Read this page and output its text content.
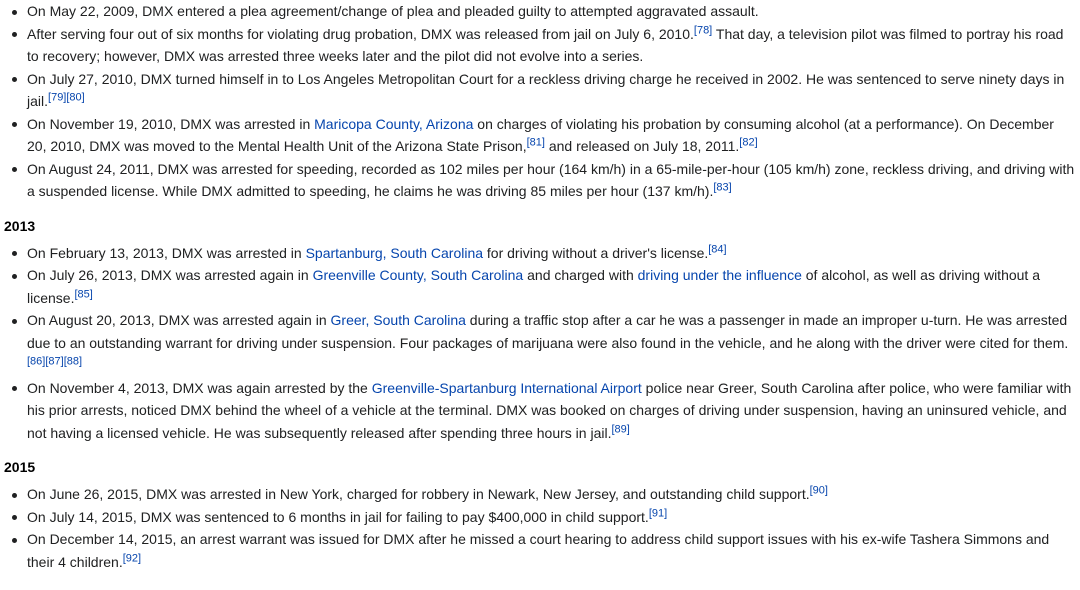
On May 22, 2009, DMX entered a plea agreement/change of plea and pleaded guilty to attempted aggravated assault.
After serving four out of six months for violating drug probation, DMX was released from jail on July 6, 2010.[78] That day, a television pilot was filmed to portray his road to recovery; however, DMX was arrested three weeks later and the pilot did not evolve into a series.
On July 27, 2010, DMX turned himself in to Los Angeles Metropolitan Court for a reckless driving charge he received in 2002. He was sentenced to serve ninety days in jail.[79][80]
On November 19, 2010, DMX was arrested in Maricopa County, Arizona on charges of violating his probation by consuming alcohol (at a performance). On December 20, 2010, DMX was moved to the Mental Health Unit of the Arizona State Prison,[81] and released on July 18, 2011.[82]
On August 24, 2011, DMX was arrested for speeding, recorded as 102 miles per hour (164 km/h) in a 65-mile-per-hour (105 km/h) zone, reckless driving, and driving with a suspended license. While DMX admitted to speeding, he claims he was driving 85 miles per hour (137 km/h).[83]
2013
On February 13, 2013, DMX was arrested in Spartanburg, South Carolina for driving without a driver's license.[84]
On July 26, 2013, DMX was arrested again in Greenville County, South Carolina and charged with driving under the influence of alcohol, as well as driving without a license.[85]
On August 20, 2013, DMX was arrested again in Greer, South Carolina during a traffic stop after a car he was a passenger in made an improper u-turn. He was arrested due to an outstanding warrant for driving under suspension. Four packages of marijuana were also found in the vehicle, and he along with the driver were cited for them.[86][87][88]
On November 4, 2013, DMX was again arrested by the Greenville-Spartanburg International Airport police near Greer, South Carolina after police, who were familiar with his prior arrests, noticed DMX behind the wheel of a vehicle at the terminal. DMX was booked on charges of driving under suspension, having an uninsured vehicle, and not having a licensed vehicle. He was subsequently released after spending three hours in jail.[89]
2015
On June 26, 2015, DMX was arrested in New York, charged for robbery in Newark, New Jersey, and outstanding child support.[90]
On July 14, 2015, DMX was sentenced to 6 months in jail for failing to pay $400,000 in child support.[91]
On December 14, 2015, an arrest warrant was issued for DMX after he missed a court hearing to address child support issues with his ex-wife Tashera Simmons and their 4 children.[92]
